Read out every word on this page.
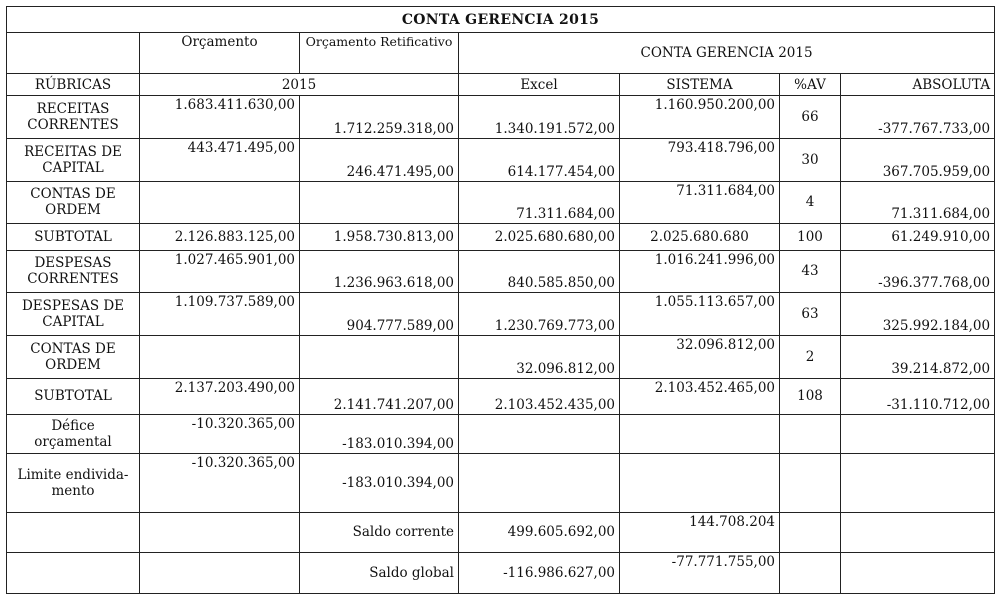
CONTA GERENCIA 2015						
	Orçamento	Orçamento Retificativo	CONTA GERENCIA 2015			
RÚBRICAS	2015		Excel	SISTEMA	%AV	ABSOLUTA
RECEITAS CORRENTES	1.683.411.630,00	1.712.259.318,00	1.340.191.572,00	1.160.950.200,00	66	-377.767.733,00
RECEITAS DE CAPITAL	443.471.495,00	246.471.495,00	614.177.454,00	793.418.796,00	30	367.705.959,00
CONTAS DE ORDEM			71.311.684,00	71.311.684,00	4	71.311.684,00
SUBTOTAL	2.126.883.125,00	1.958.730.813,00	2.025.680.680,00	2.025.680.680	100	61.249.910,00
DESPESAS CORRENTES	1.027.465.901,00	1.236.963.618,00	840.585.850,00	1.016.241.996,00	43	-396.377.768,00
DESPESAS DE CAPITAL	1.109.737.589,00	904.777.589,00	1.230.769.773,00	1.055.113.657,00	63	325.992.184,00
CONTAS DE ORDEM			32.096.812,00	32.096.812,00	2	39.214.872,00
SUBTOTAL	2.137.203.490,00	2.141.741.207,00	2.103.452.435,00	2.103.452.465,00	108	-31.110.712,00
Défice orçamental	-10.320.365,00	-183.010.394,00				
Limite endivida-mento	-10.320.365,00	-183.010.394,00				
		Saldo corrente	499.605.692,00	144.708.204		
		Saldo global	-116.986.627,00	-77.771.755,00		
